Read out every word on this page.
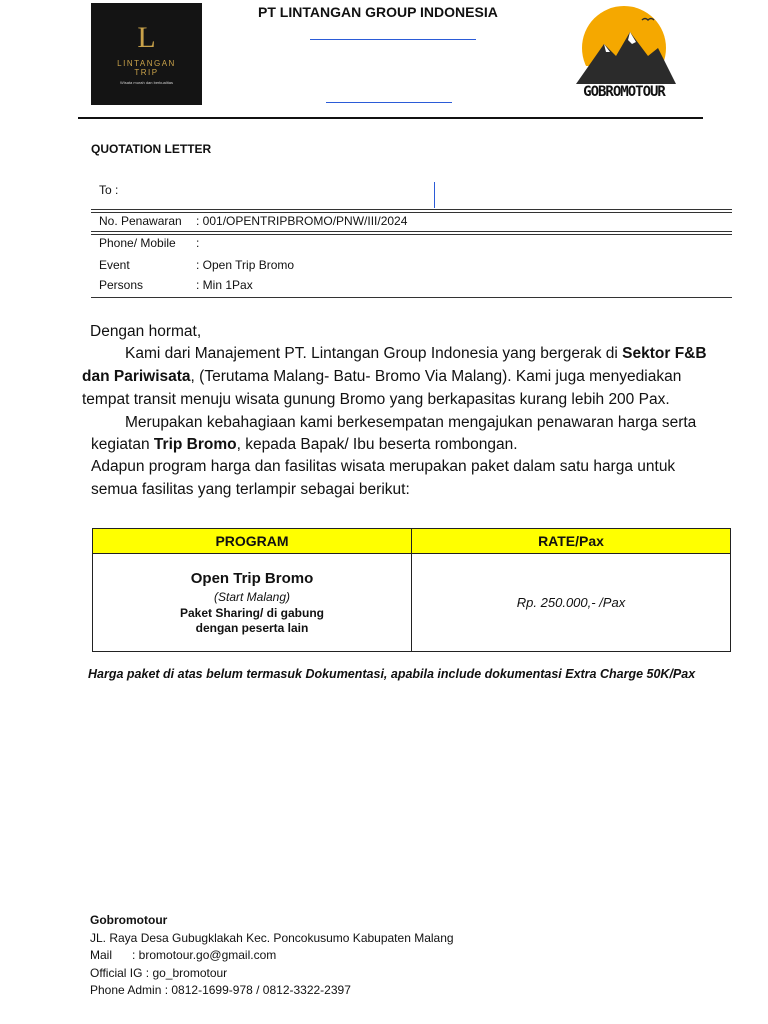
L
LINTANGAN
TRIP
Wisata murah dan berkualitas
PT LINTANGAN GROUP INDONESIA
GOBROMOTOUR
QUOTATION LETTER
To :
No. Penawaran : 001/OPENTRIPBROMO/PNW/III/2024
Phone/ Mobile :
Event	: Open Trip Bromo
Persons	: Min 1Pax
Dengan hormat,
Kami dari Manajement PT. Lintangan Group Indonesia yang bergerak di Sektor F&B
dan Pariwisata, (Terutama Malang- Batu- Bromo Via Malang). Kami juga menyediakan
tempat transit menuju wisata gunung Bromo yang berkapasitas kurang lebih 200 Pax.
Merupakan kebahagiaan kami berkesempatan mengajukan penawaran harga serta
kegiatan Trip Bromo, kepada Bapak/ Ibu beserta rombongan.
Adapun program harga dan fasilitas wisata merupakan paket dalam satu harga untuk
semua fasilitas yang terlampir sebagai berikut:
PROGRAM	RATE/Pax

Open Trip Bromo
(Start Malang)
Paket Sharing/ di gabung dengan peserta lain	Rp. 250.000,- /Pax
Harga paket di atas belum termasuk Dokumentasi, apabila include dokumentasi Extra Charge 50K/Pax
Gobromotour
JL. Raya Desa Gubugklakah Kec. Poncokusumo Kabupaten Malang
Mail      : bromotour.go@gmail.com
Official IG : go_bromotour
Phone Admin : 0812-1699-978 / 0812-3322-2397
